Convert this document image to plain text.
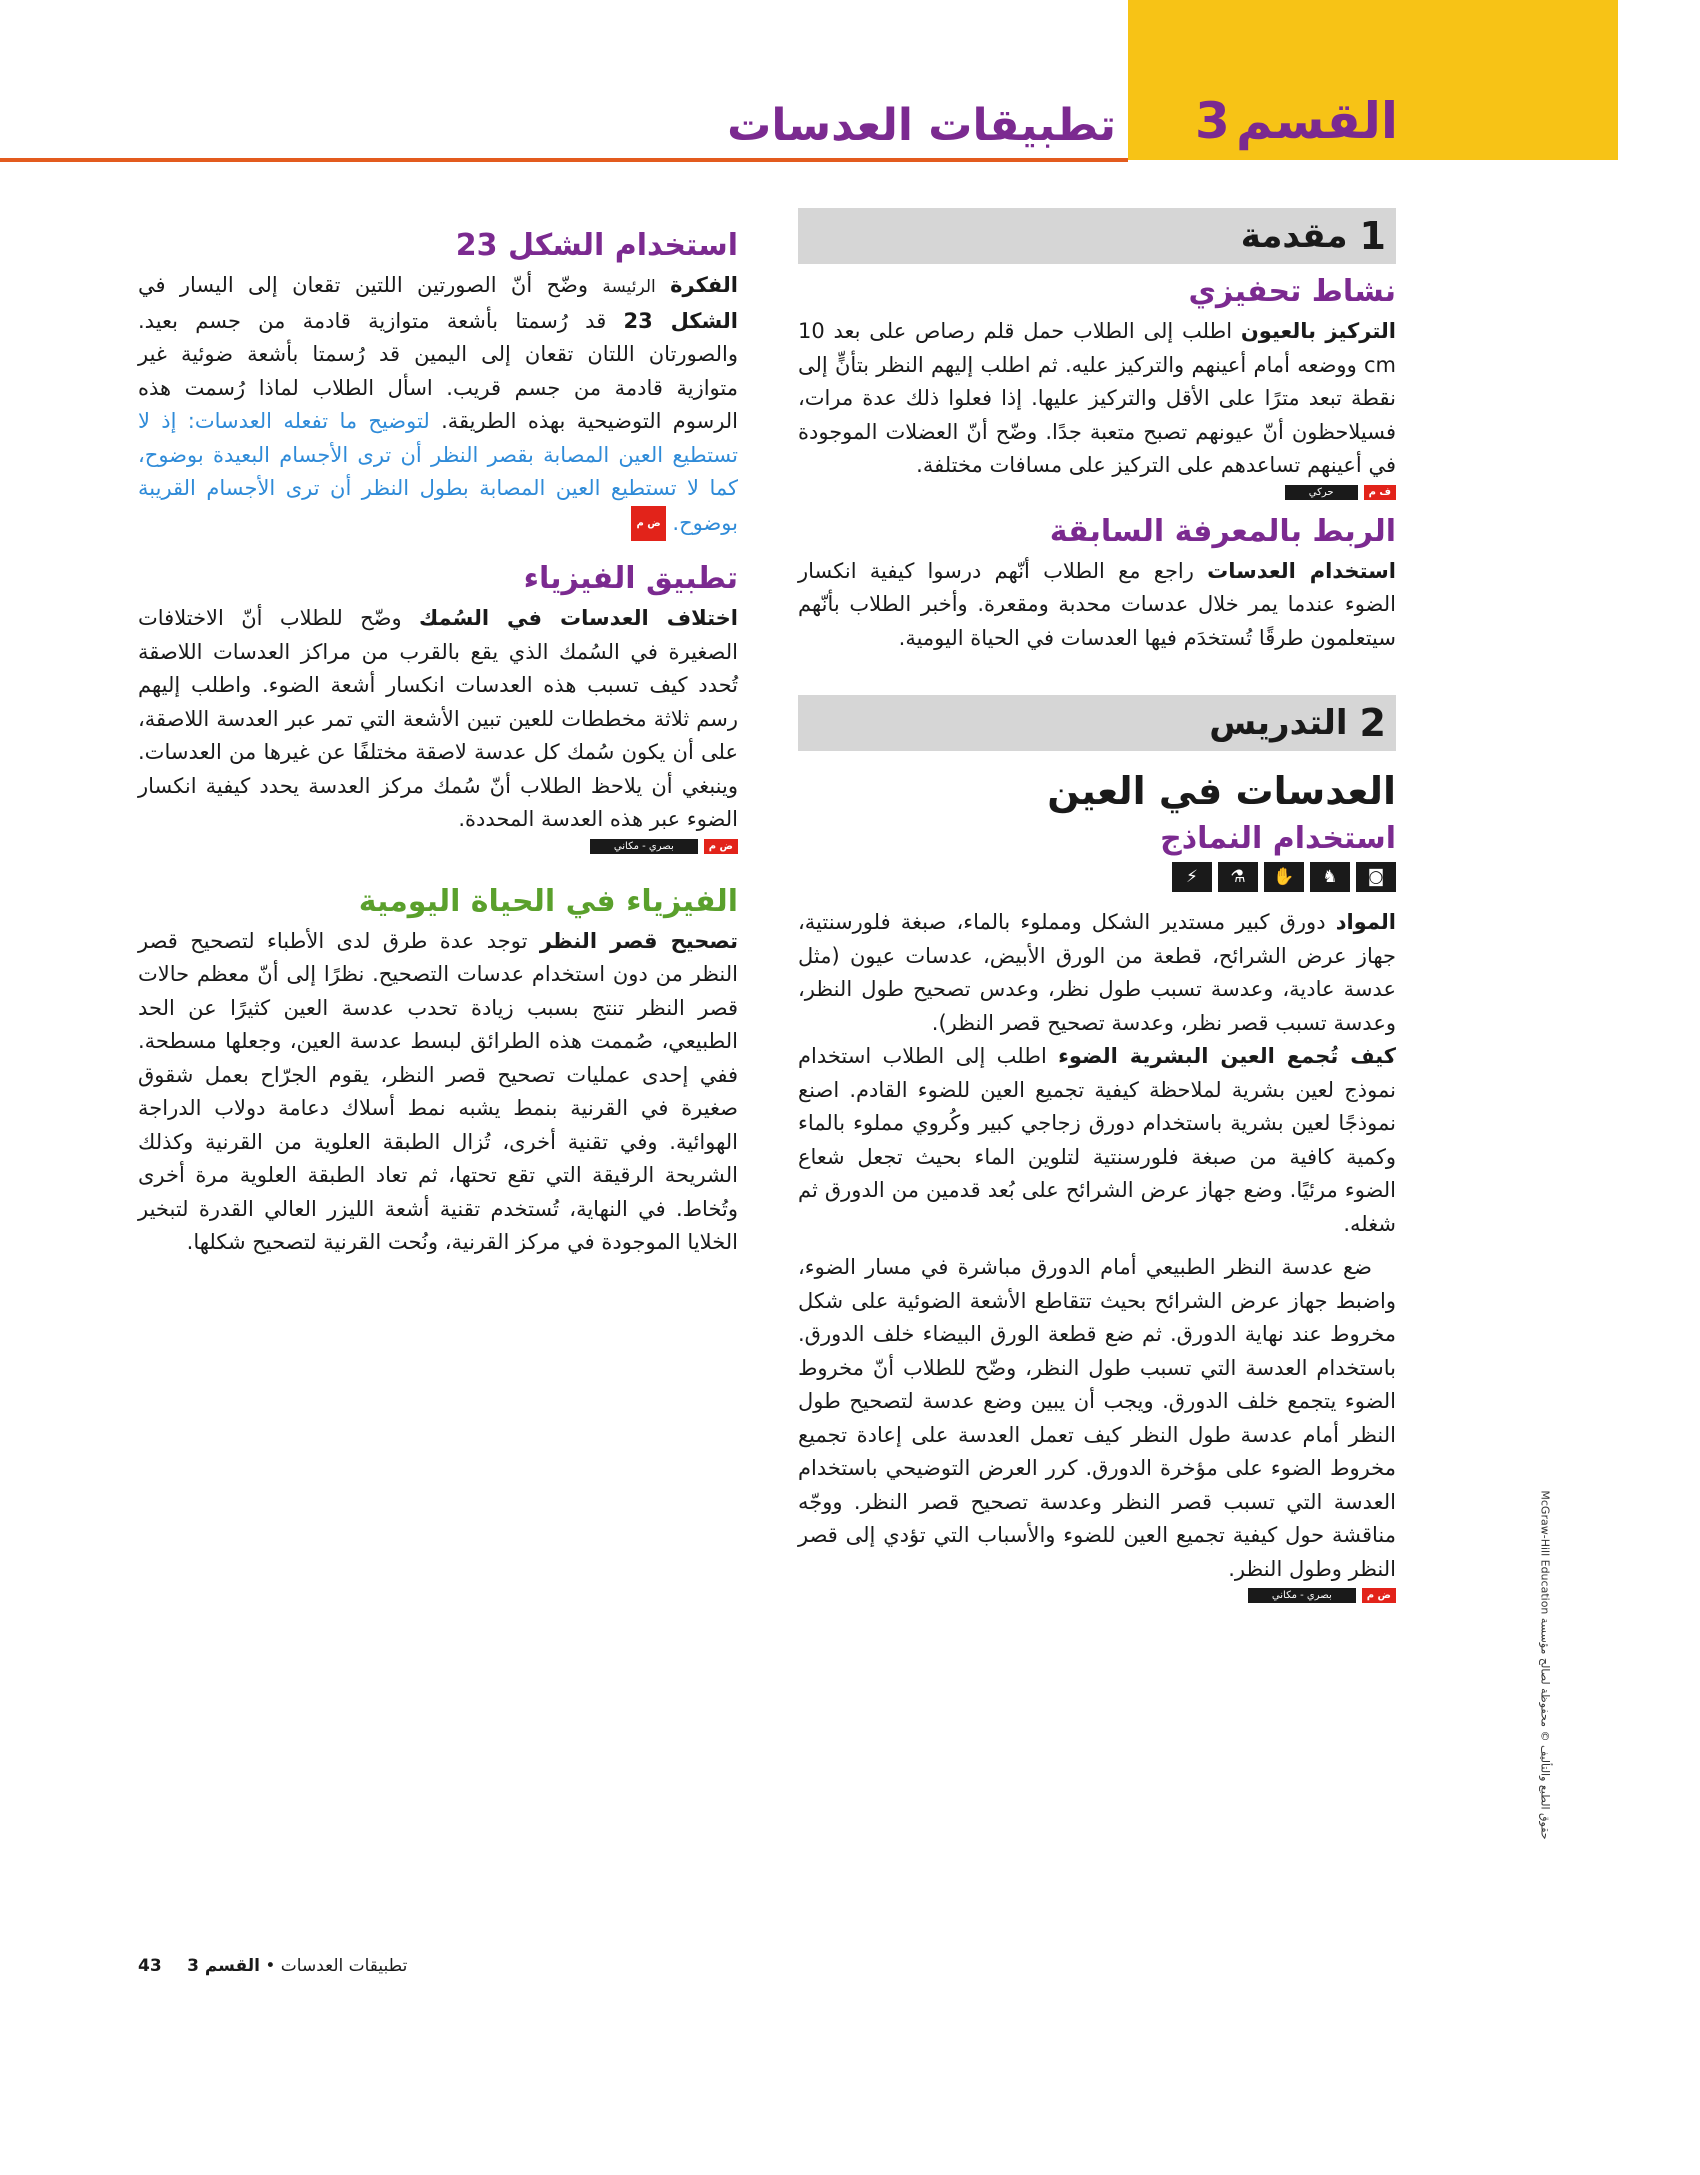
القسم
3
تطبيقات العدسات
1
مقدمة
نشاط تحفيزي

التركيز بالعيون اطلب إلى الطلاب حمل قلم رصاص على بعد 10 cm ووضعه أمام أعينهم والتركيز عليه. ثم اطلب إليهم النظر بتأنٍّ إلى نقطة تبعد مترًا على الأقل والتركيز عليها. إذا فعلوا ذلك عدة مرات، فسيلاحظون أنّ عيونهم تصبح متعبة جدًا. وضّح أنّ العضلات الموجودة في أعينهم تساعدهم على التركيز على مسافات مختلفة.

ف م
حركي
الربط بالمعرفة السابقة

استخدام العدسات راجع مع الطلاب أنّهم درسوا كيفية انكسار الضوء عندما يمر خلال عدسات محدبة ومقعرة. وأخبر الطلاب بأنّهم سيتعلمون طرقًا تُستخدَم فيها العدسات في الحياة اليومية.

2
التدريس
العدسات في العين
استخدام النماذج
◙
♞
✋
⚗
⚡

المواد دورق كبير مستدير الشكل ومملوء بالماء، صبغة فلورسنتية، جهاز عرض الشرائح، قطعة من الورق الأبيض، عدسات عيون (مثل عدسة عادية، وعدسة تسبب طول نظر، وعدس تصحيح طول النظر، وعدسة تسبب قصر نظر، وعدسة تصحيح قصر النظر).

كيف تُجمع العين البشرية الضوء اطلب إلى الطلاب استخدام نموذج لعين بشرية لملاحظة كيفية تجميع العين للضوء القادم. اصنع نموذجًا لعين بشرية باستخدام دورق زجاجي كبير وكُروي مملوء بالماء وكمية كافية من صبغة فلورسنتية لتلوين الماء بحيث تجعل شعاع الضوء مرئيًا. وضع جهاز عرض الشرائح على بُعد قدمين من الدورق ثم شغله.

ضع عدسة النظر الطبيعي أمام الدورق مباشرة في مسار الضوء، واضبط جهاز عرض الشرائح بحيث تتقاطع الأشعة الضوئية على شكل مخروط عند نهاية الدورق. ثم ضع قطعة الورق البيضاء خلف الدورق. باستخدام العدسة التي تسبب طول النظر، وضّح للطلاب أنّ مخروط الضوء يتجمع خلف الدورق. ويجب أن يبين وضع عدسة لتصحيح طول النظر أمام عدسة طول النظر كيف تعمل العدسة على إعادة تجميع مخروط الضوء على مؤخرة الدورق. كرر العرض التوضيحي باستخدام العدسة التي تسبب قصر النظر وعدسة تصحيح قصر النظر. ووجّه مناقشة حول كيفية تجميع العين للضوء والأسباب التي تؤدي إلى قصر النظر وطول النظر.

ض م
بصري - مكاني
استخدام الشكل 23

الفكرة الرئيسة وضّح أنّ الصورتين اللتين تقعان إلى اليسار في الشكل 23 قد رُسمتا بأشعة متوازية قادمة من جسم بعيد. والصورتان اللتان تقعان إلى اليمين قد رُسمتا بأشعة ضوئية غير متوازية قادمة من جسم قريب. اسأل الطلاب لماذا رُسمت هذه الرسوم التوضيحية بهذه الطريقة. لتوضيح ما تفعله العدسات: إذ لا تستطيع العين المصابة بقصر النظر أن ترى الأجسام البعيدة بوضوح، كما لا تستطيع العين المصابة بطول النظر أن ترى الأجسام القريبة بوضوح. ض م

تطبيق الفيزياء

اختلاف العدسات في السُمك وضّح للطلاب أنّ الاختلافات الصغيرة في السُمك الذي يقع بالقرب من مراكز العدسات اللاصقة تُحدد كيف تسبب هذه العدسات انكسار أشعة الضوء. واطلب إليهم رسم ثلاثة مخططات للعين تبين الأشعة التي تمر عبر العدسة اللاصقة، على أن يكون سُمك كل عدسة لاصقة مختلفًا عن غيرها من العدسات. وينبغي أن يلاحظ الطلاب أنّ سُمك مركز العدسة يحدد كيفية انكسار الضوء عبر هذه العدسة المحددة.

ض م
بصري - مكاني
الفيزياء في الحياة اليومية

تصحيح قصر النظر توجد عدة طرق لدى الأطباء لتصحيح قصر النظر من دون استخدام عدسات التصحيح. نظرًا إلى أنّ معظم حالات قصر النظر تنتج بسبب زيادة تحدب عدسة العين كثيرًا عن الحد الطبيعي، صُممت هذه الطرائق لبسط عدسة العين، وجعلها مسطحة. ففي إحدى عمليات تصحيح قصر النظر، يقوم الجرّاح بعمل شقوق صغيرة في القرنية بنمط يشبه نمط أسلاك دعامة دولاب الدراجة الهوائية. وفي تقنية أخرى، تُزال الطبقة العلوية من القرنية وكذلك الشريحة الرقيقة التي تقع تحتها، ثم تعاد الطبقة العلوية مرة أخرى وتُخاط. في النهاية، تُستخدم تقنية أشعة الليزر العالي القدرة لتبخير الخلايا الموجودة في مركز القرنية، ونُحت القرنية لتصحيح شكلها.

حقوق الطبع والتأليف © محفوظة لصالح مؤسسة McGraw-Hill Education
43	تطبيقات العدسات • القسم 3
